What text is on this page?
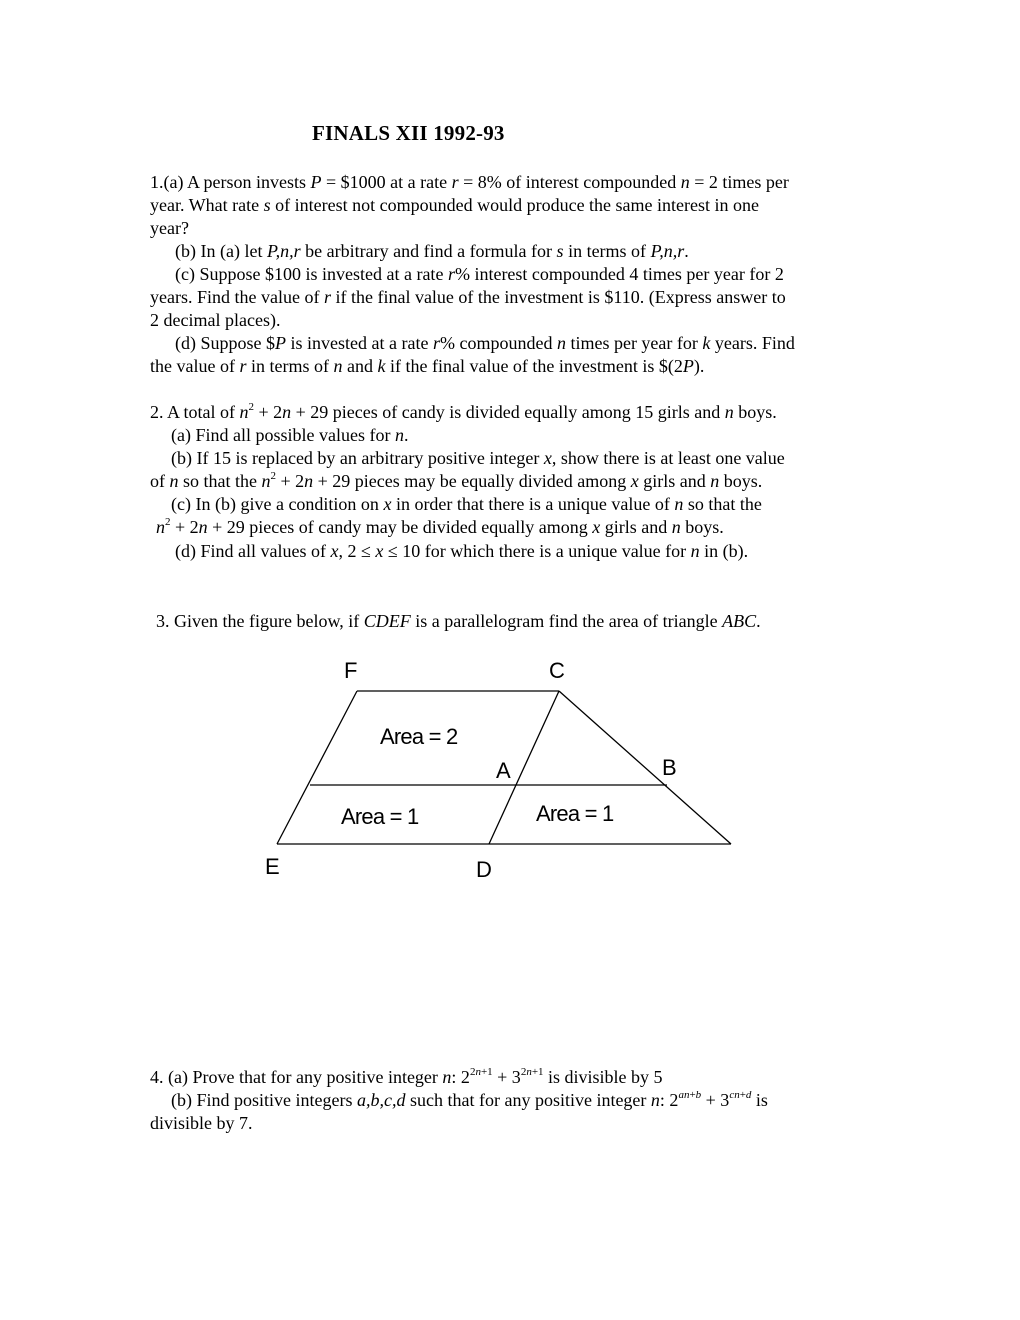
FINALS XII 1992-93
1.(a) A person invests P = $1000 at a rate r = 8% of interest compounded n = 2 times per
year. What rate s of interest not compounded would produce the same interest in one
year?
(b) In (a) let P,n,r be arbitrary and find a formula for s in terms of P,n,r.
(c) Suppose $100 is invested at a rate r% interest compounded 4 times per year for 2
years. Find the value of r if the final value of the investment is $110. (Express answer to
2 decimal places).
(d) Suppose $P is invested at a rate r% compounded n times per year for k years. Find
the value of r in terms of n and k if the final value of the investment is $(2P).
2. A total of $n^2 + 2n + 29$ pieces of candy is divided equally among 15 girls and n boys.
(a) Find all possible values for n.
(b) If 15 is replaced by an arbitrary positive integer x, show there is at least one value
of n so that the $n^2 + 2n + 29$ pieces may be equally divided among x girls and n boys.
(c) In (b) give a condition on x in order that there is a unique value of n so that the
$n^2 + 2n + 29$ pieces of candy may be divided equally among x girls and n boys.
(d) Find all values of x, 2 ≤ x ≤ 10 for which there is a unique value for n in (b).
3. Given the figure below, if CDEF is a parallelogram find the area of triangle ABC.
F	C
A	B
E	D
Area = 2
Area = 1	Area = 1
4. (a) Prove that for any positive integer n: $2^{2n+1} + 3^{2n+1}$ is divisible by 5
(b) Find positive integers a,b,c,d such that for any positive integer n: $2^{an+b} + 3^{cn+d}$ is
divisible by 7.
